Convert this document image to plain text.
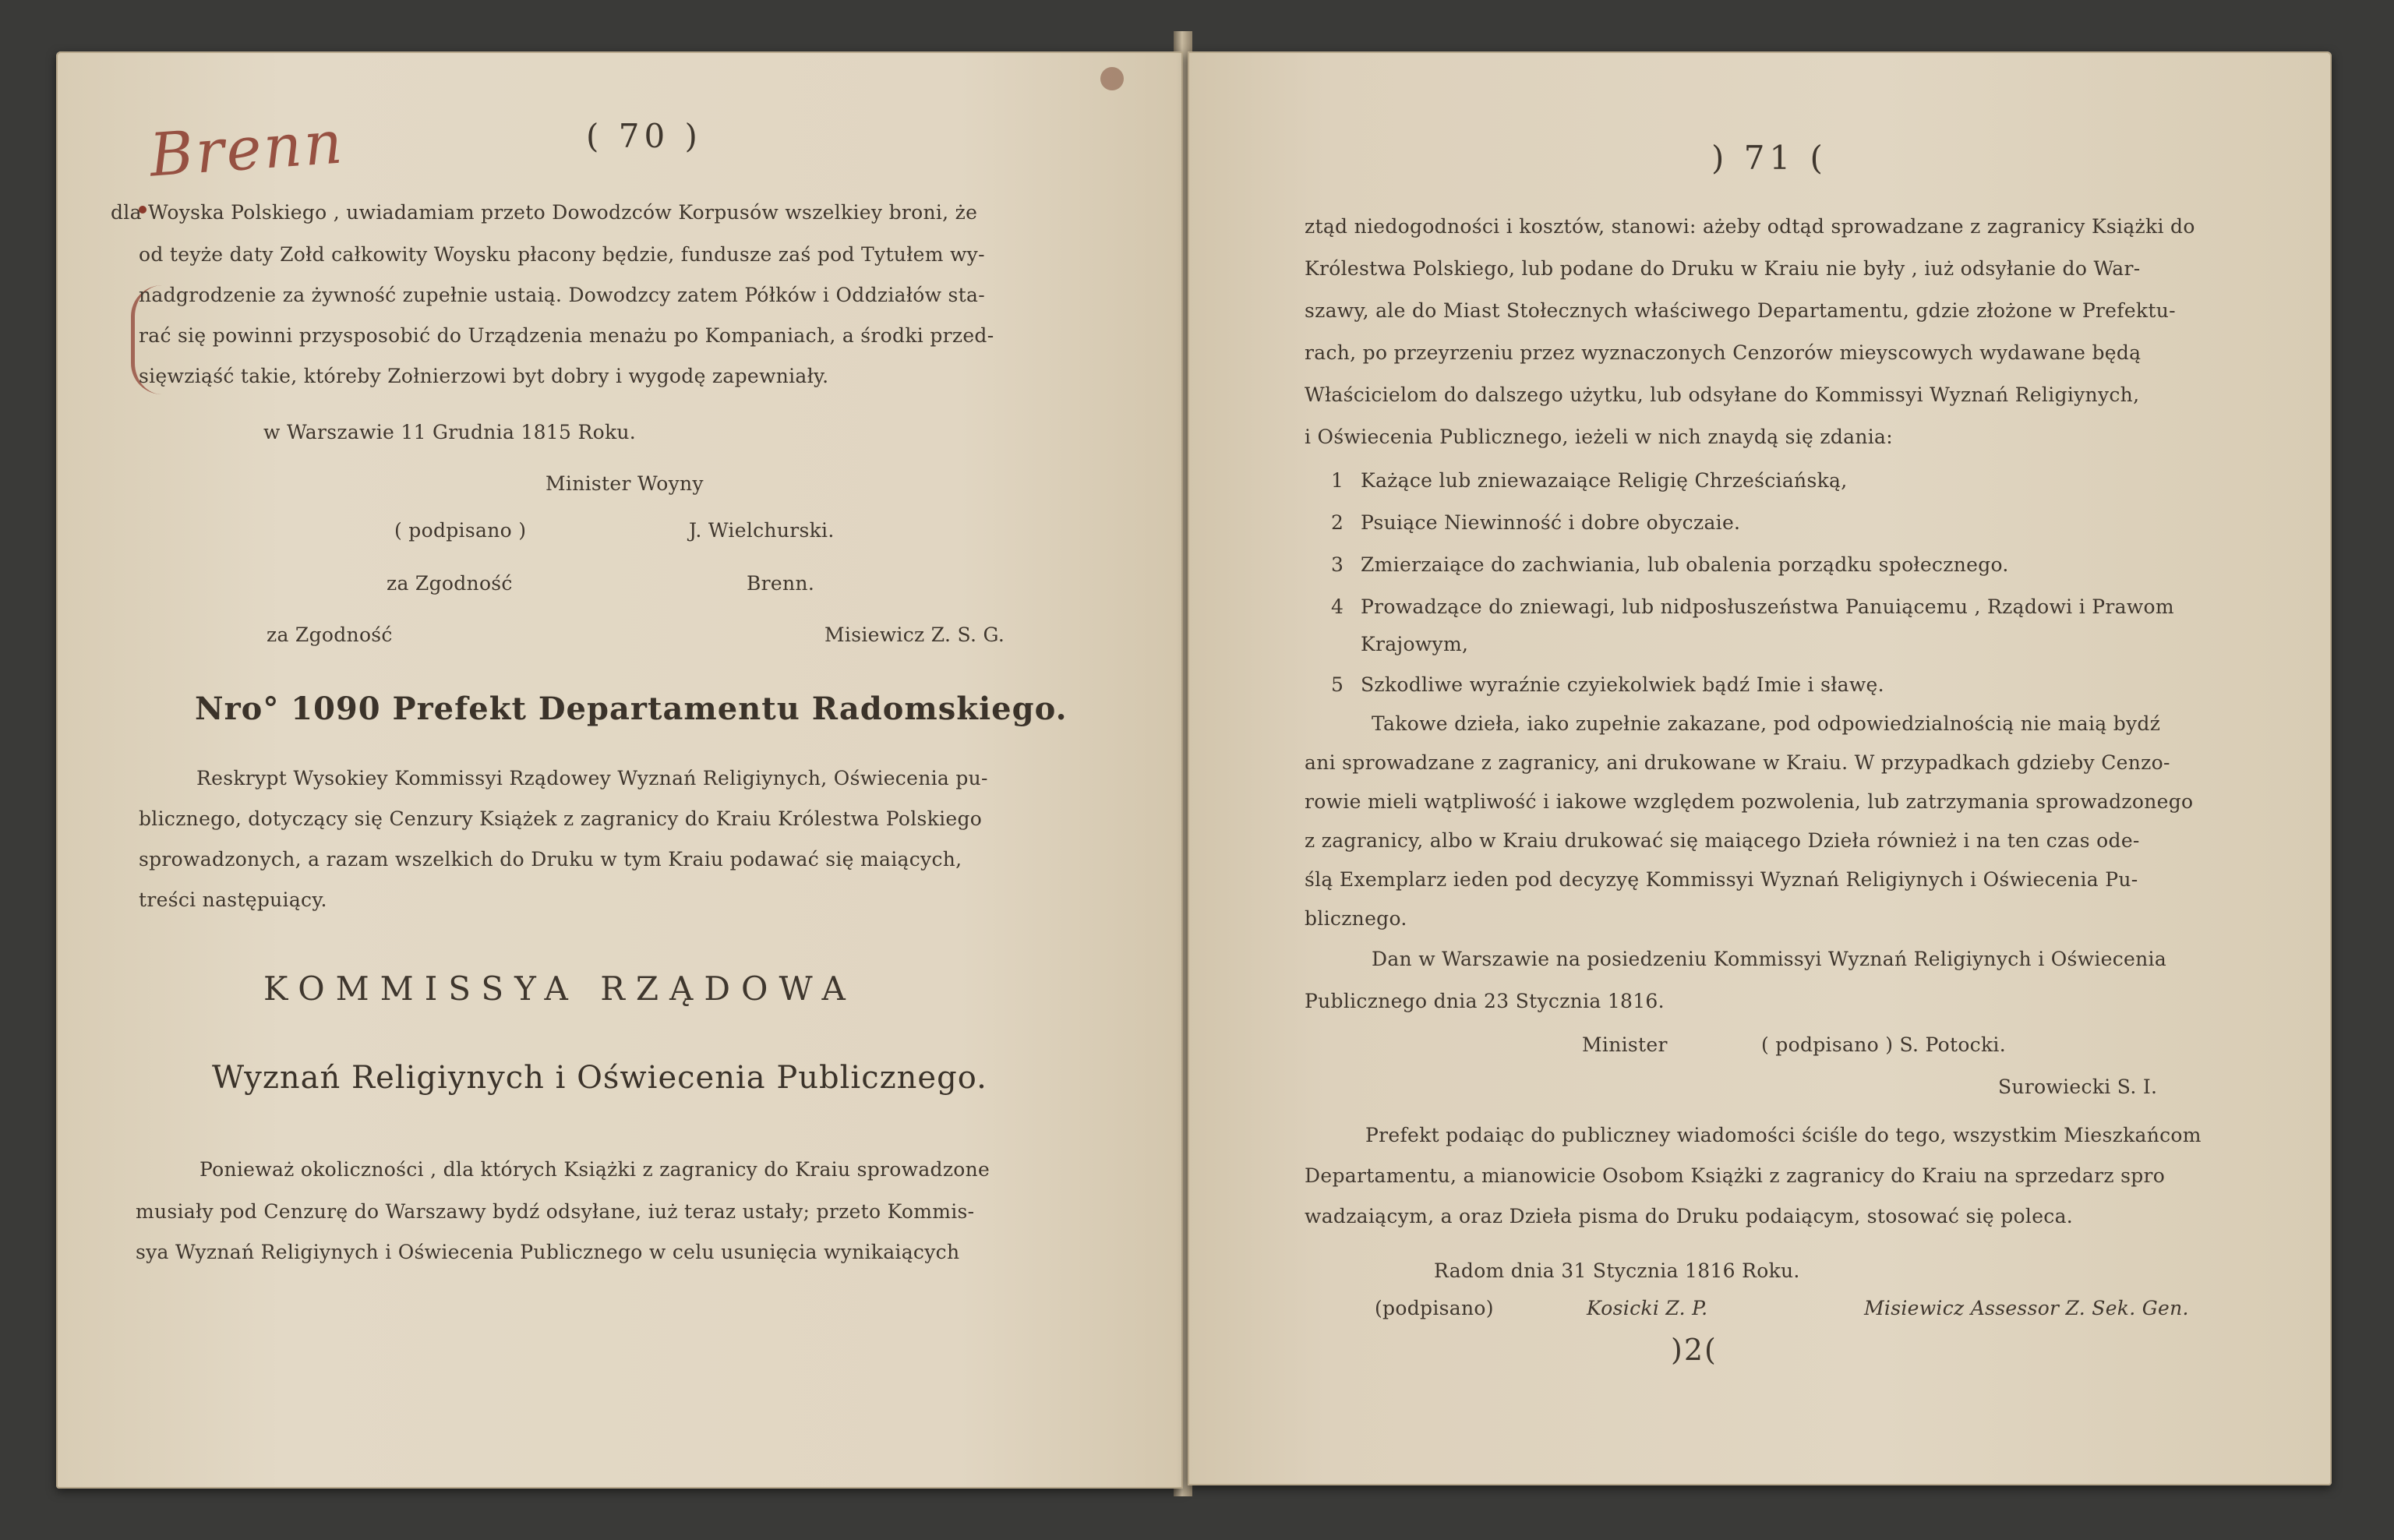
Brenn	( 70 )
dla Woyska Polskiego , uwiadamiam przeto Dowodzców Korpusów wszelkiey broni, że
od teyże daty Zołd całkowity Woysku płacony będzie, fundusze zaś pod Tytułem wy-
nadgrodzenie za żywność zupełnie ustaią. Dowodzcy zatem Półków i Oddziałów sta-
rać się powinni przysposobić do Urządzenia menażu po Kompaniach, a środki przed-
sięwziąść takie, któreby Zołnierzowi byt dobry i wygodę zapewniały.
w Warszawie 11 Grudnia 1815 Roku.
Minister Woyny
( podpisano )	J. Wielchurski.
za Zgodność	Brenn.
za Zgodność	Misiewicz Z. S. G.
Nro° 1090 Prefekt Departamentu Radomskiego.
Reskrypt Wysokiey Kommissyi Rządowey Wyznań Religiynych, Oświecenia pu-
blicznego, dotyczący się Cenzury Książek z zagranicy do Kraiu Królestwa Polskiego
sprowadzonych, a razam wszelkich do Druku w tym Kraiu podawać się maiących,
treści następuiący.
KOMMISSYA RZĄDOWA
Wyznań Religiynych i Oświecenia Publicznego.
Ponieważ okoliczności , dla których Książki z zagranicy do Kraiu sprowadzone
musiały pod Cenzurę do Warszawy bydź odsyłane, iuż teraz ustały; przeto Kommis-
sya Wyznań Religiynych i Oświecenia Publicznego w celu usunięcia wynikaiących
) 71 (
ztąd niedogodności i kosztów, stanowi: ażeby odtąd sprowadzane z zagranicy Książki do
Królestwa Polskiego, lub podane do Druku w Kraiu nie były , iuż odsyłanie do War-
szawy, ale do Miast Stołecznych właściwego Departamentu, gdzie złożone w Prefektu-
rach, po przeyrzeniu przez wyznaczonych Cenzorów mieyscowych wydawane będą
Właścicielom do dalszego użytku, lub odsyłane do Kommissyi Wyznań Religiynych,
i Oświecenia Publicznego, ieżeli w nich znaydą się zdania:
1 Każące lub zniewazaiące Religię Chrześciańską,
2 Psuiące Niewinność i dobre obyczaie.
3 Zmierzaiące do zachwiania, lub obalenia porządku społecznego.
4 Prowadzące do zniewagi, lub nidposłuszeństwa Panuiącemu , Rządowi i Prawom
Krajowym,
5 Szkodliwe wyraźnie czyiekolwiek bądź Imie i sławę.
Takowe dzieła, iako zupełnie zakazane, pod odpowiedzialnością nie maią bydź
ani sprowadzane z zagranicy, ani drukowane w Kraiu. W przypadkach gdzieby Cenzo-
rowie mieli wątpliwość i iakowe względem pozwolenia, lub zatrzymania sprowadzonego
z zagranicy, albo w Kraiu drukować się maiącego Dzieła również i na ten czas ode-
ślą Exemplarz ieden pod decyzyę Kommissyi Wyznań Religiynych i Oświecenia Pu-
blicznego.
Dan w Warszawie na posiedzeniu Kommissyi Wyznań Religiynych i Oświecenia
Publicznego dnia 23 Stycznia 1816.
Minister	( podpisano ) S. Potocki.
Surowiecki S. I.
Prefekt podaiąc do publiczney wiadomości ściśle do tego, wszystkim Mieszkańcom
Departamentu, a mianowicie Osobom Książki z zagranicy do Kraiu na sprzedarz spro
wadzaiącym, a oraz Dzieła pisma do Druku podaiącym, stosować się poleca.
Radom dnia 31 Stycznia 1816 Roku.
(podpisano)	Kosicki Z. P.	Misiewicz Assessor Z. Sek. Gen.
)2(
